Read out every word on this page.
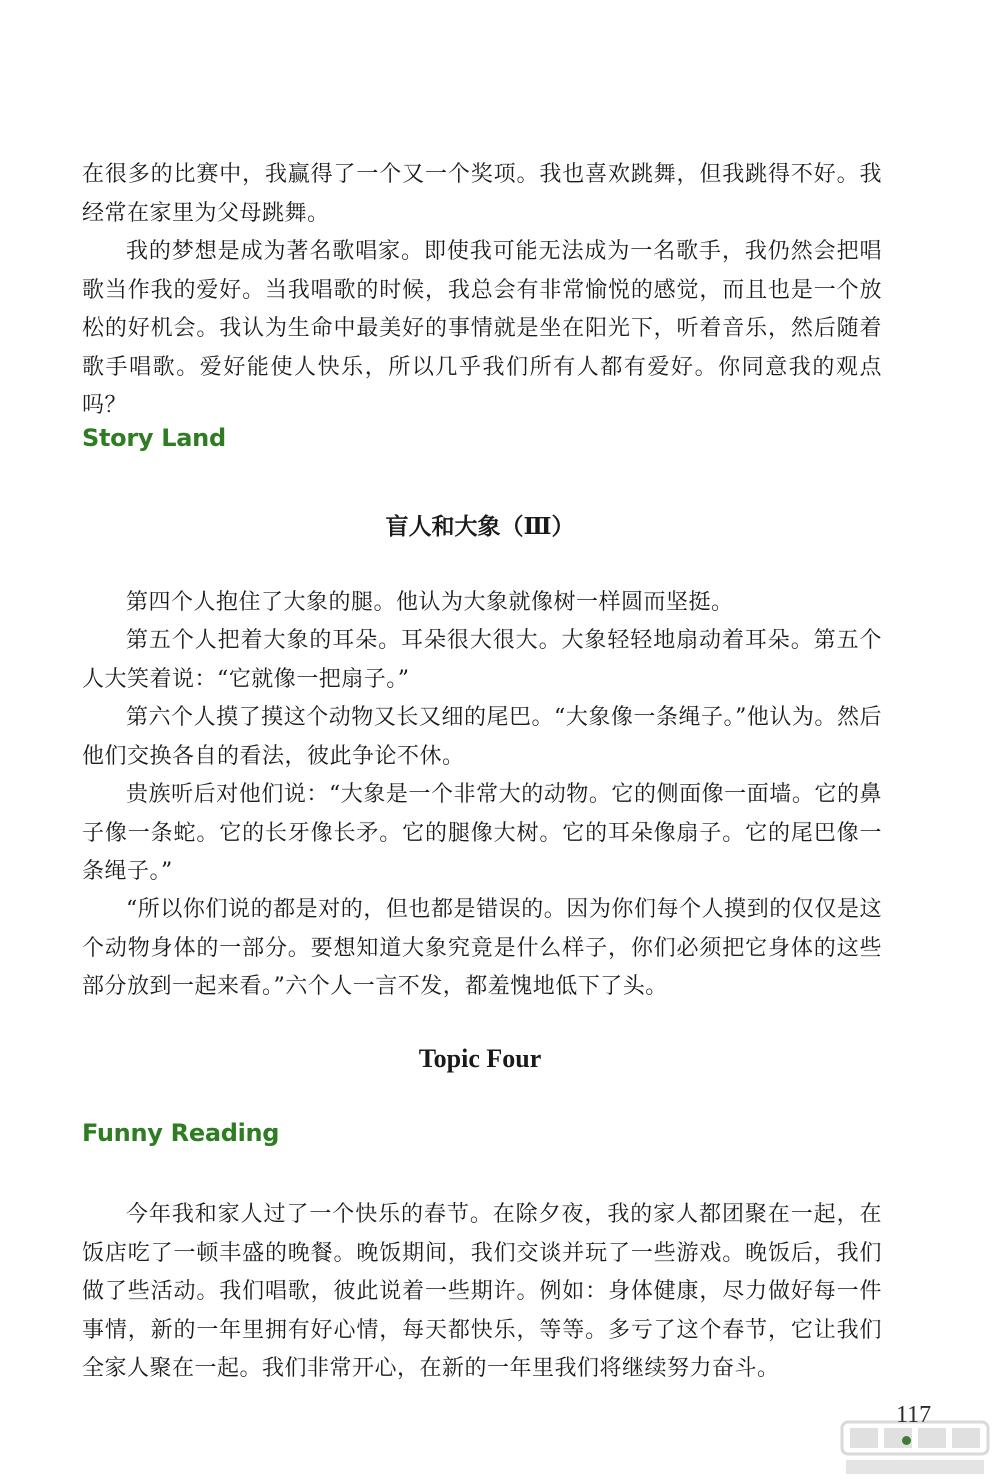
在很多的比赛中，我赢得了一个又一个奖项。我也喜欢跳舞，但我跳得不好。我经常在家里为父母跳舞。

我的梦想是成为著名歌唱家。即使我可能无法成为一名歌手，我仍然会把唱歌当作我的爱好。当我唱歌的时候，我总会有非常愉悦的感觉，而且也是一个放松的好机会。我认为生命中最美好的事情就是坐在阳光下，听着音乐，然后随着歌手唱歌。爱好能使人快乐，所以几乎我们所有人都有爱好。你同意我的观点吗？

Story Land
盲人和大象（Ⅲ）

第四个人抱住了大象的腿。他认为大象就像树一样圆而坚挺。

第五个人把着大象的耳朵。耳朵很大很大。大象轻轻地扇动着耳朵。第五个人大笑着说：“它就像一把扇子。”

第六个人摸了摸这个动物又长又细的尾巴。“大象像一条绳子。”他认为。然后他们交换各自的看法，彼此争论不休。

贵族听后对他们说：“大象是一个非常大的动物。它的侧面像一面墙。它的鼻子像一条蛇。它的长牙像长矛。它的腿像大树。它的耳朵像扇子。它的尾巴像一条绳子。”

“所以你们说的都是对的，但也都是错误的。因为你们每个人摸到的仅仅是这个动物身体的一部分。要想知道大象究竟是什么样子，你们必须把它身体的这些部分放到一起来看。”六个人一言不发，都羞愧地低下了头。

Topic Four
Funny Reading

今年我和家人过了一个快乐的春节。在除夕夜，我的家人都团聚在一起，在饭店吃了一顿丰盛的晚餐。晚饭期间，我们交谈并玩了一些游戏。晚饭后，我们做了些活动。我们唱歌，彼此说着一些期许。例如：身体健康，尽力做好每一件事情，新的一年里拥有好心情，每天都快乐，等等。多亏了这个春节，它让我们全家人聚在一起。我们非常开心，在新的一年里我们将继续努力奋斗。

117
